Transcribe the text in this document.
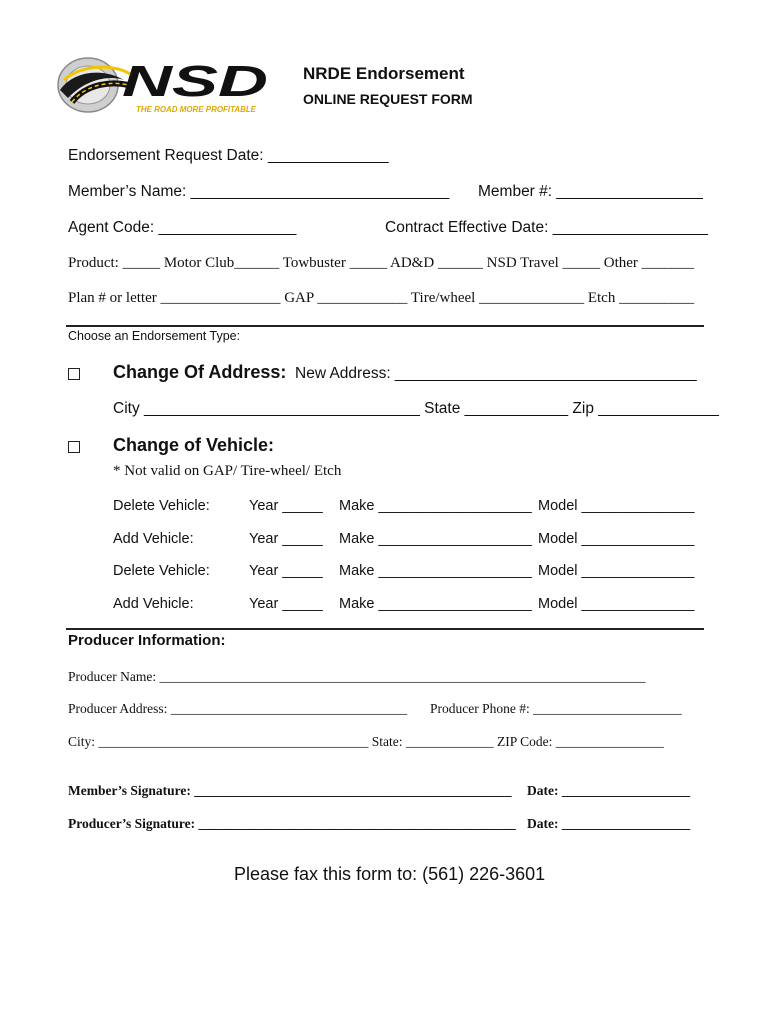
NSD
THE ROAD MORE PROFITABLE
NRDE Endorsement
ONLINE REQUEST FORM
Endorsement Request Date: ______________
Member’s Name: ______________________________ Member #: _________________
Agent Code: ________________	Contract Effective Date: __________________
Product: _____ Motor Club______ Towbuster _____ AD&D ______ NSD Travel _____ Other _______
Plan # or letter ________________ GAP ____________ Tire/wheel ______________ Etch __________
Choose an Endorsement Type:
Change Of Address: New Address: ___________________________________
City ________________________________ State ____________ Zip ______________
Change of Vehicle:
* Not valid on GAP/ Tire-wheel/ Etch
Delete Vehicle:	Year _____ Make ___________________ Model ______________
Add Vehicle:	Year _____ Make ___________________ Model ______________
Delete Vehicle:	Year _____ Make ___________________ Model ______________
Add Vehicle:	Year _____ Make ___________________ Model ______________
Producer Information:
Producer Name: ________________________________________________________________________
Producer Address: ___________________________________ Producer Phone #: ______________________
City: ________________________________________ State: _____________ ZIP Code: ________________
Member’s Signature: _______________________________________________ Date: ___________________
Producer’s Signature: _______________________________________________ Date: ___________________
Please fax this form to: (561) 226-3601
